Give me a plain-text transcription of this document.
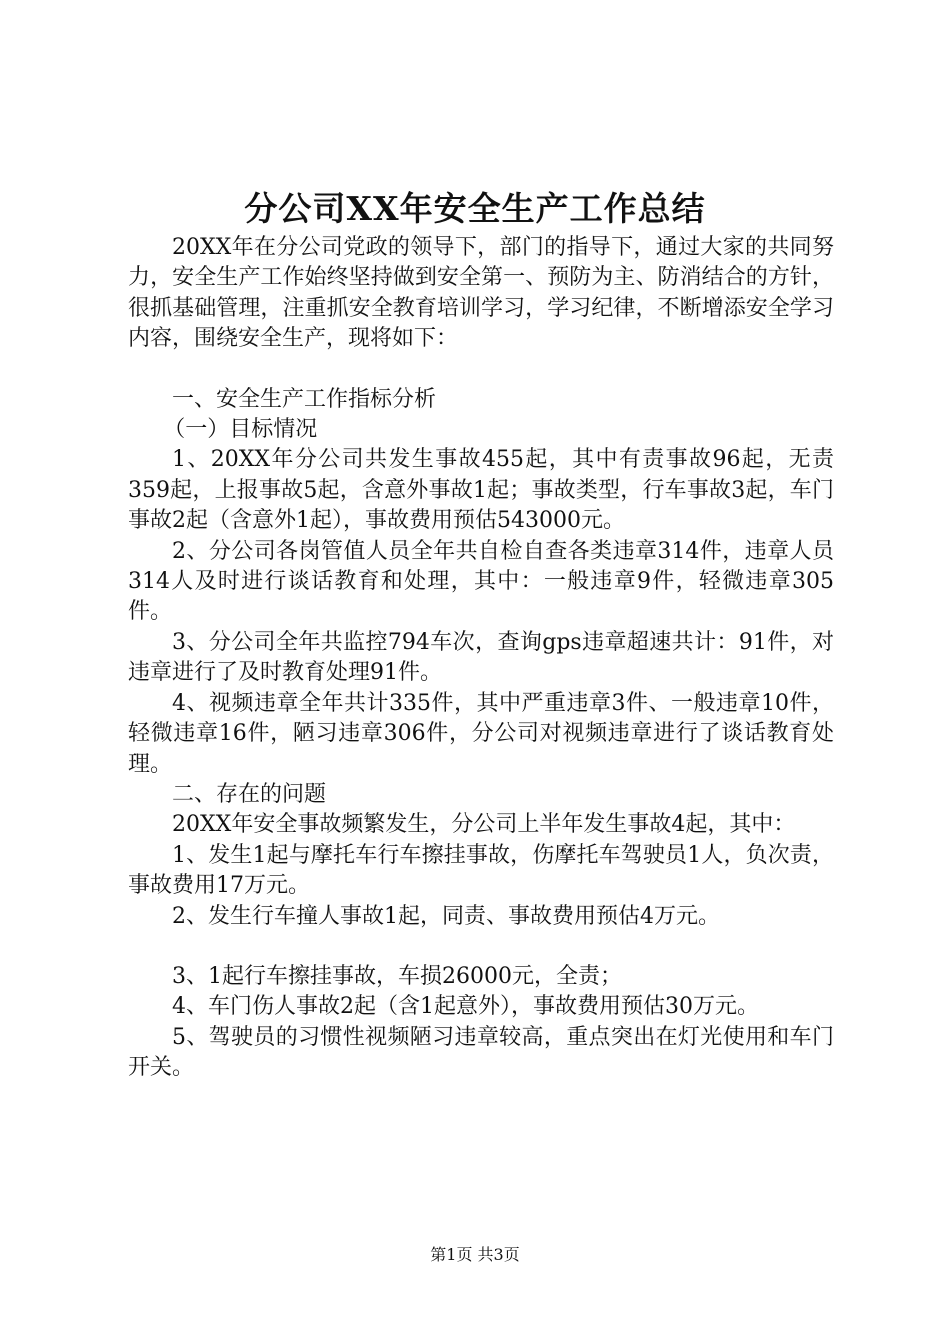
分公司XX年安全生产工作总结

20XX年在分公司党政的领导下，部门的指导下，通过大家的共同努力，安全生产工作始终坚持做到安全第一、预防为主、防消结合的方针，很抓基础管理，注重抓安全教育培训学习，学习纪律，不断增添安全学习内容，围绕安全生产，现将如下：

一、安全生产工作指标分析

（一）目标情况

1、20XX年分公司共发生事故455起，其中有责事故96起，无责359起，上报事故5起，含意外事故1起；事故类型，行车事故3起，车门事故2起（含意外1起），事故费用预估543000元。

2、分公司各岗管值人员全年共自检自查各类违章314件，违章人员314人及时进行谈话教育和处理，其中：一般违章9件，轻微违章305件。

3、分公司全年共监控794车次，查询gps违章超速共计：91件，对违章进行了及时教育处理91件。

4、视频违章全年共计335件，其中严重违章3件、一般违章10件，轻微违章16件，陋习违章306件，分公司对视频违章进行了谈话教育处理。

二、存在的问题

20XX年安全事故频繁发生，分公司上半年发生事故4起，其中：

1、发生1起与摩托车行车擦挂事故，伤摩托车驾驶员1人，负次责，事故费用17万元。

2、发生行车撞人事故1起，同责、事故费用预估4万元。

3、1起行车擦挂事故，车损26000元，全责；

4、车门伤人事故2起（含1起意外），事故费用预估30万元。

5、驾驶员的习惯性视频陋习违章较高，重点突出在灯光使用和车门开关。

第1页 共3页
